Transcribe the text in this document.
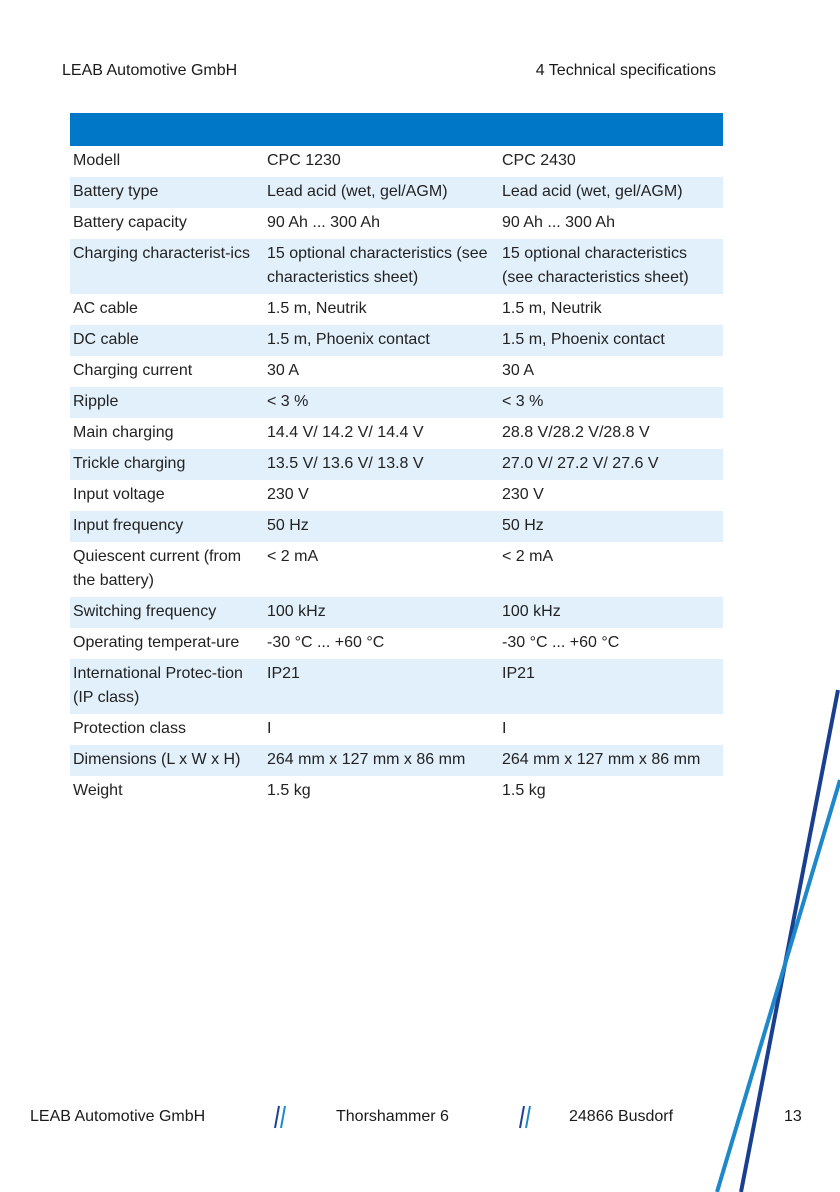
LEAB Automotive GmbH	4 Technical specifications

Modell	CPC 1230	CPC 2430
Battery type	Lead acid (wet, gel/AGM)	Lead acid (wet, gel/AGM)
Battery capacity	90 Ah ... 300 Ah	90 Ah ... 300 Ah
Charging characterist-ics	15 optional characteristics (see characteristics sheet)	15 optional characteristics (see characteristics sheet)
AC cable	1.5 m, Neutrik	1.5 m, Neutrik
DC cable	1.5 m, Phoenix contact	1.5 m, Phoenix contact
Charging current	30 A	30 A
Ripple	< 3 %	< 3 %
Main charging	14.4 V/ 14.2 V/ 14.4 V	28.8 V/28.2 V/28.8 V
Trickle charging	13.5 V/ 13.6 V/ 13.8 V	27.0 V/ 27.2 V/ 27.6 V
Input voltage	230 V	230 V
Input frequency	50 Hz	50 Hz
Quiescent current (from the battery)	< 2 mA	< 2 mA
Switching frequency	100 kHz	100 kHz
Operating temperat-ure	-30 °C ... +60 °C	-30 °C ... +60 °C
International Protec-tion (IP class)	IP21	IP21
Protection class	I	I
Dimensions (L x W x H)	264 mm x 127 mm x 86 mm	264 mm x 127 mm x 86 mm
Weight	1.5 kg	1.5 kg
LEAB Automotive GmbH	Thorshammer 6	24866 Busdorf	13
